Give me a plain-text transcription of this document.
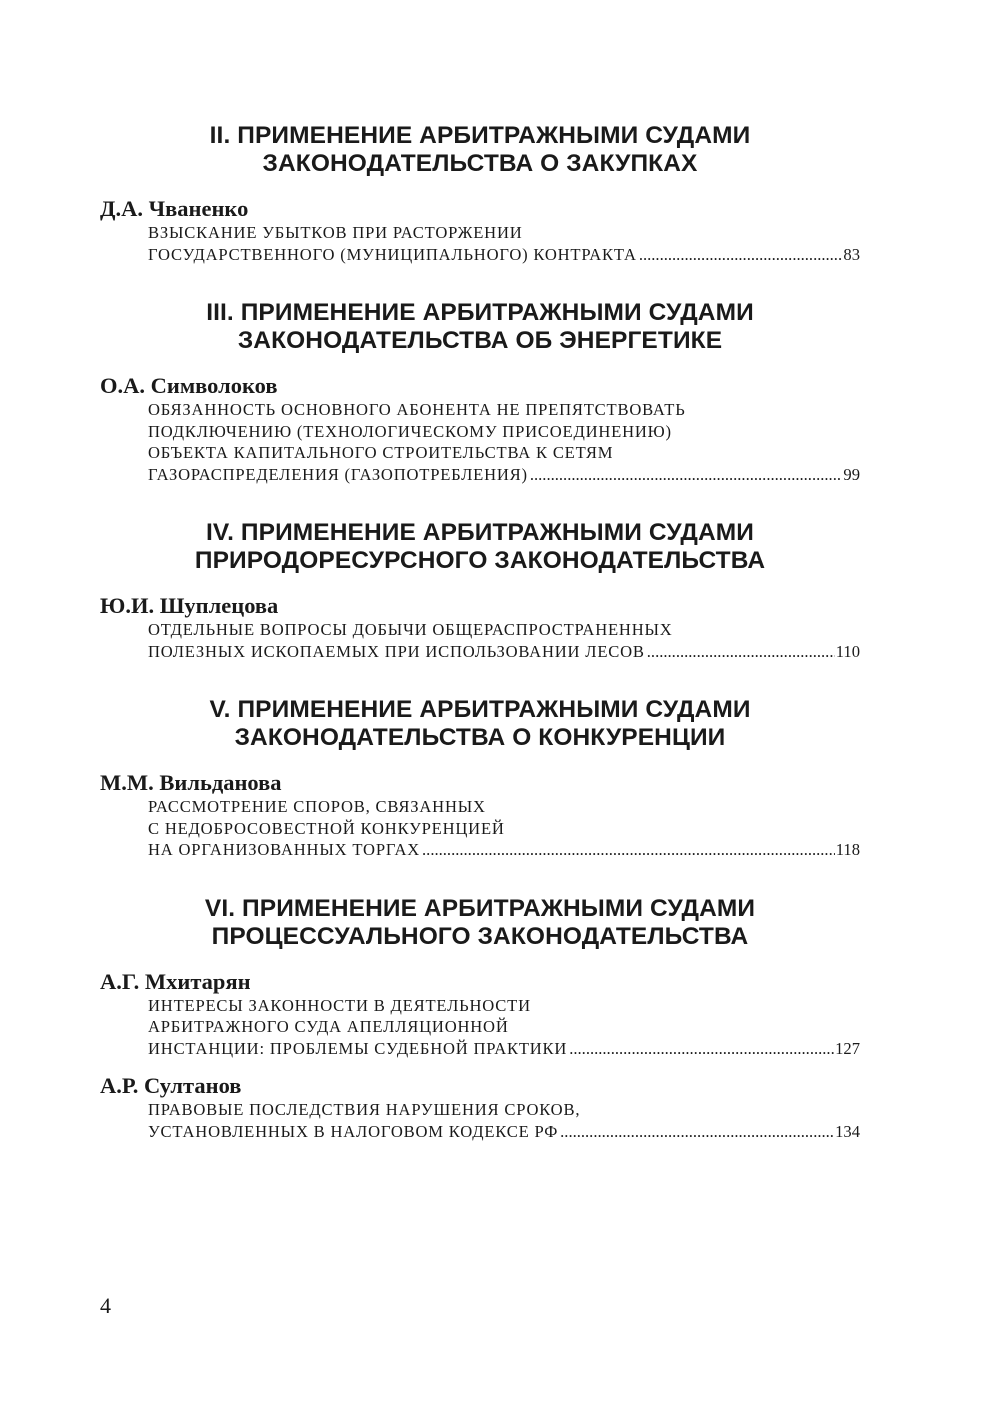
II. ПРИМЕНЕНИЕ АРБИТРАЖНЫМИ СУДАМИ
ЗАКОНОДАТЕЛЬСТВА О ЗАКУПКАХ
Д.А. Чваненко
ВЗЫСКАНИЕ УБЫТКОВ ПРИ РАСТОРЖЕНИИ
ГОСУДАРСТВЕННОГО (МУНИЦИПАЛЬНОГО) КОНТРАКТА .....	83
III. ПРИМЕНЕНИЕ АРБИТРАЖНЫМИ СУДАМИ
ЗАКОНОДАТЕЛЬСТВА ОБ ЭНЕРГЕТИКЕ
О.А. Символоков
ОБЯЗАННОСТЬ ОСНОВНОГО АБОНЕНТА НЕ ПРЕПЯТСТВОВАТЬ
ПОДКЛЮЧЕНИЮ (ТЕХНОЛОГИЧЕСКОМУ ПРИСОЕДИНЕНИЮ)
ОБЪЕКТА КАПИТАЛЬНОГО СТРОИТЕЛЬСТВА К СЕТЯМ
ГАЗОРАСПРЕДЕЛЕНИЯ (ГАЗОПОТРЕБЛЕНИЯ) .....	99
IV. ПРИМЕНЕНИЕ АРБИТРАЖНЫМИ СУДАМИ
ПРИРОДОРЕСУРСНОГО ЗАКОНОДАТЕЛЬСТВА
Ю.И. Шуплецова
ОТДЕЛЬНЫЕ ВОПРОСЫ ДОБЫЧИ ОБЩЕРАСПРОСТРАНЕННЫХ
ПОЛЕЗНЫХ ИСКОПАЕМЫХ ПРИ ИСПОЛЬЗОВАНИИ ЛЕСОВ .....	110
V. ПРИМЕНЕНИЕ АРБИТРАЖНЫМИ СУДАМИ
ЗАКОНОДАТЕЛЬСТВА О КОНКУРЕНЦИИ
М.М. Вильданова
РАССМОТРЕНИЕ СПОРОВ, СВЯЗАННЫХ
С НЕДОБРОСОВЕСТНОЙ КОНКУРЕНЦИЕЙ
НА ОРГАНИЗОВАННЫХ ТОРГАХ .....	118
VI. ПРИМЕНЕНИЕ АРБИТРАЖНЫМИ СУДАМИ
ПРОЦЕССУАЛЬНОГО ЗАКОНОДАТЕЛЬСТВА
А.Г. Мхитарян
ИНТЕРЕСЫ ЗАКОННОСТИ В ДЕЯТЕЛЬНОСТИ
АРБИТРАЖНОГО СУДА АПЕЛЛЯЦИОННОЙ
ИНСТАНЦИИ: ПРОБЛЕМЫ СУДЕБНОЙ ПРАКТИКИ .....	127
А.Р. Султанов
ПРАВОВЫЕ ПОСЛЕДСТВИЯ НАРУШЕНИЯ СРОКОВ,
УСТАНОВЛЕННЫХ В НАЛОГОВОМ КОДЕКСЕ РФ .....	134
4
